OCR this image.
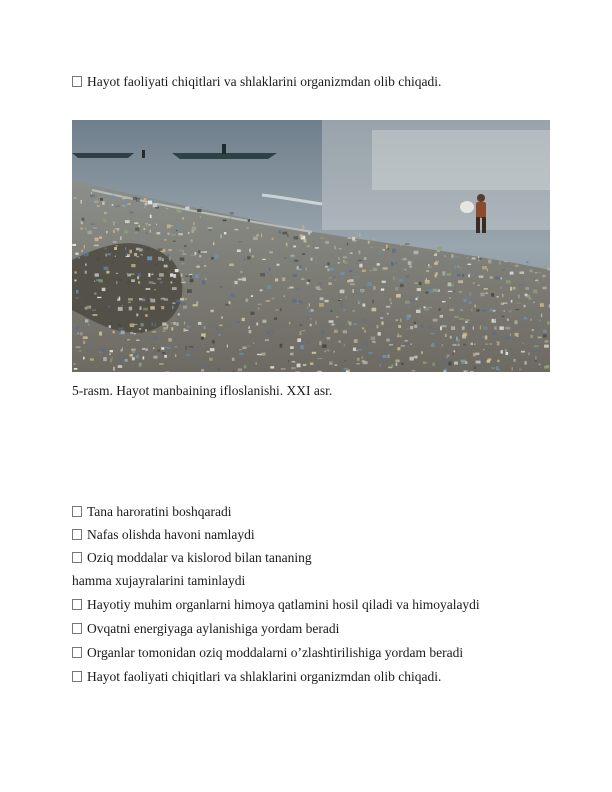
Hayot faoliyati chiqitlari va shlaklarini organizmdan olib chiqadi.
5-rasm. Hayot manbaining ifloslanishi. XXI asr.
Tana haroratini boshqaradi
Nafas olishda havoni namlaydi
Oziq moddalar va kislorod bilan tananing
hamma xujayralarini taminlaydi
Hayotiy muhim organlarni himoya qatlamini hosil qiladi va himoyalaydi
Ovqatni energiyaga aylanishiga yordam beradi
Organlar tomonidan oziq moddalarni o’zlashtirilishiga yordam beradi
Hayot faoliyati chiqitlari va shlaklarini organizmdan olib chiqadi.
